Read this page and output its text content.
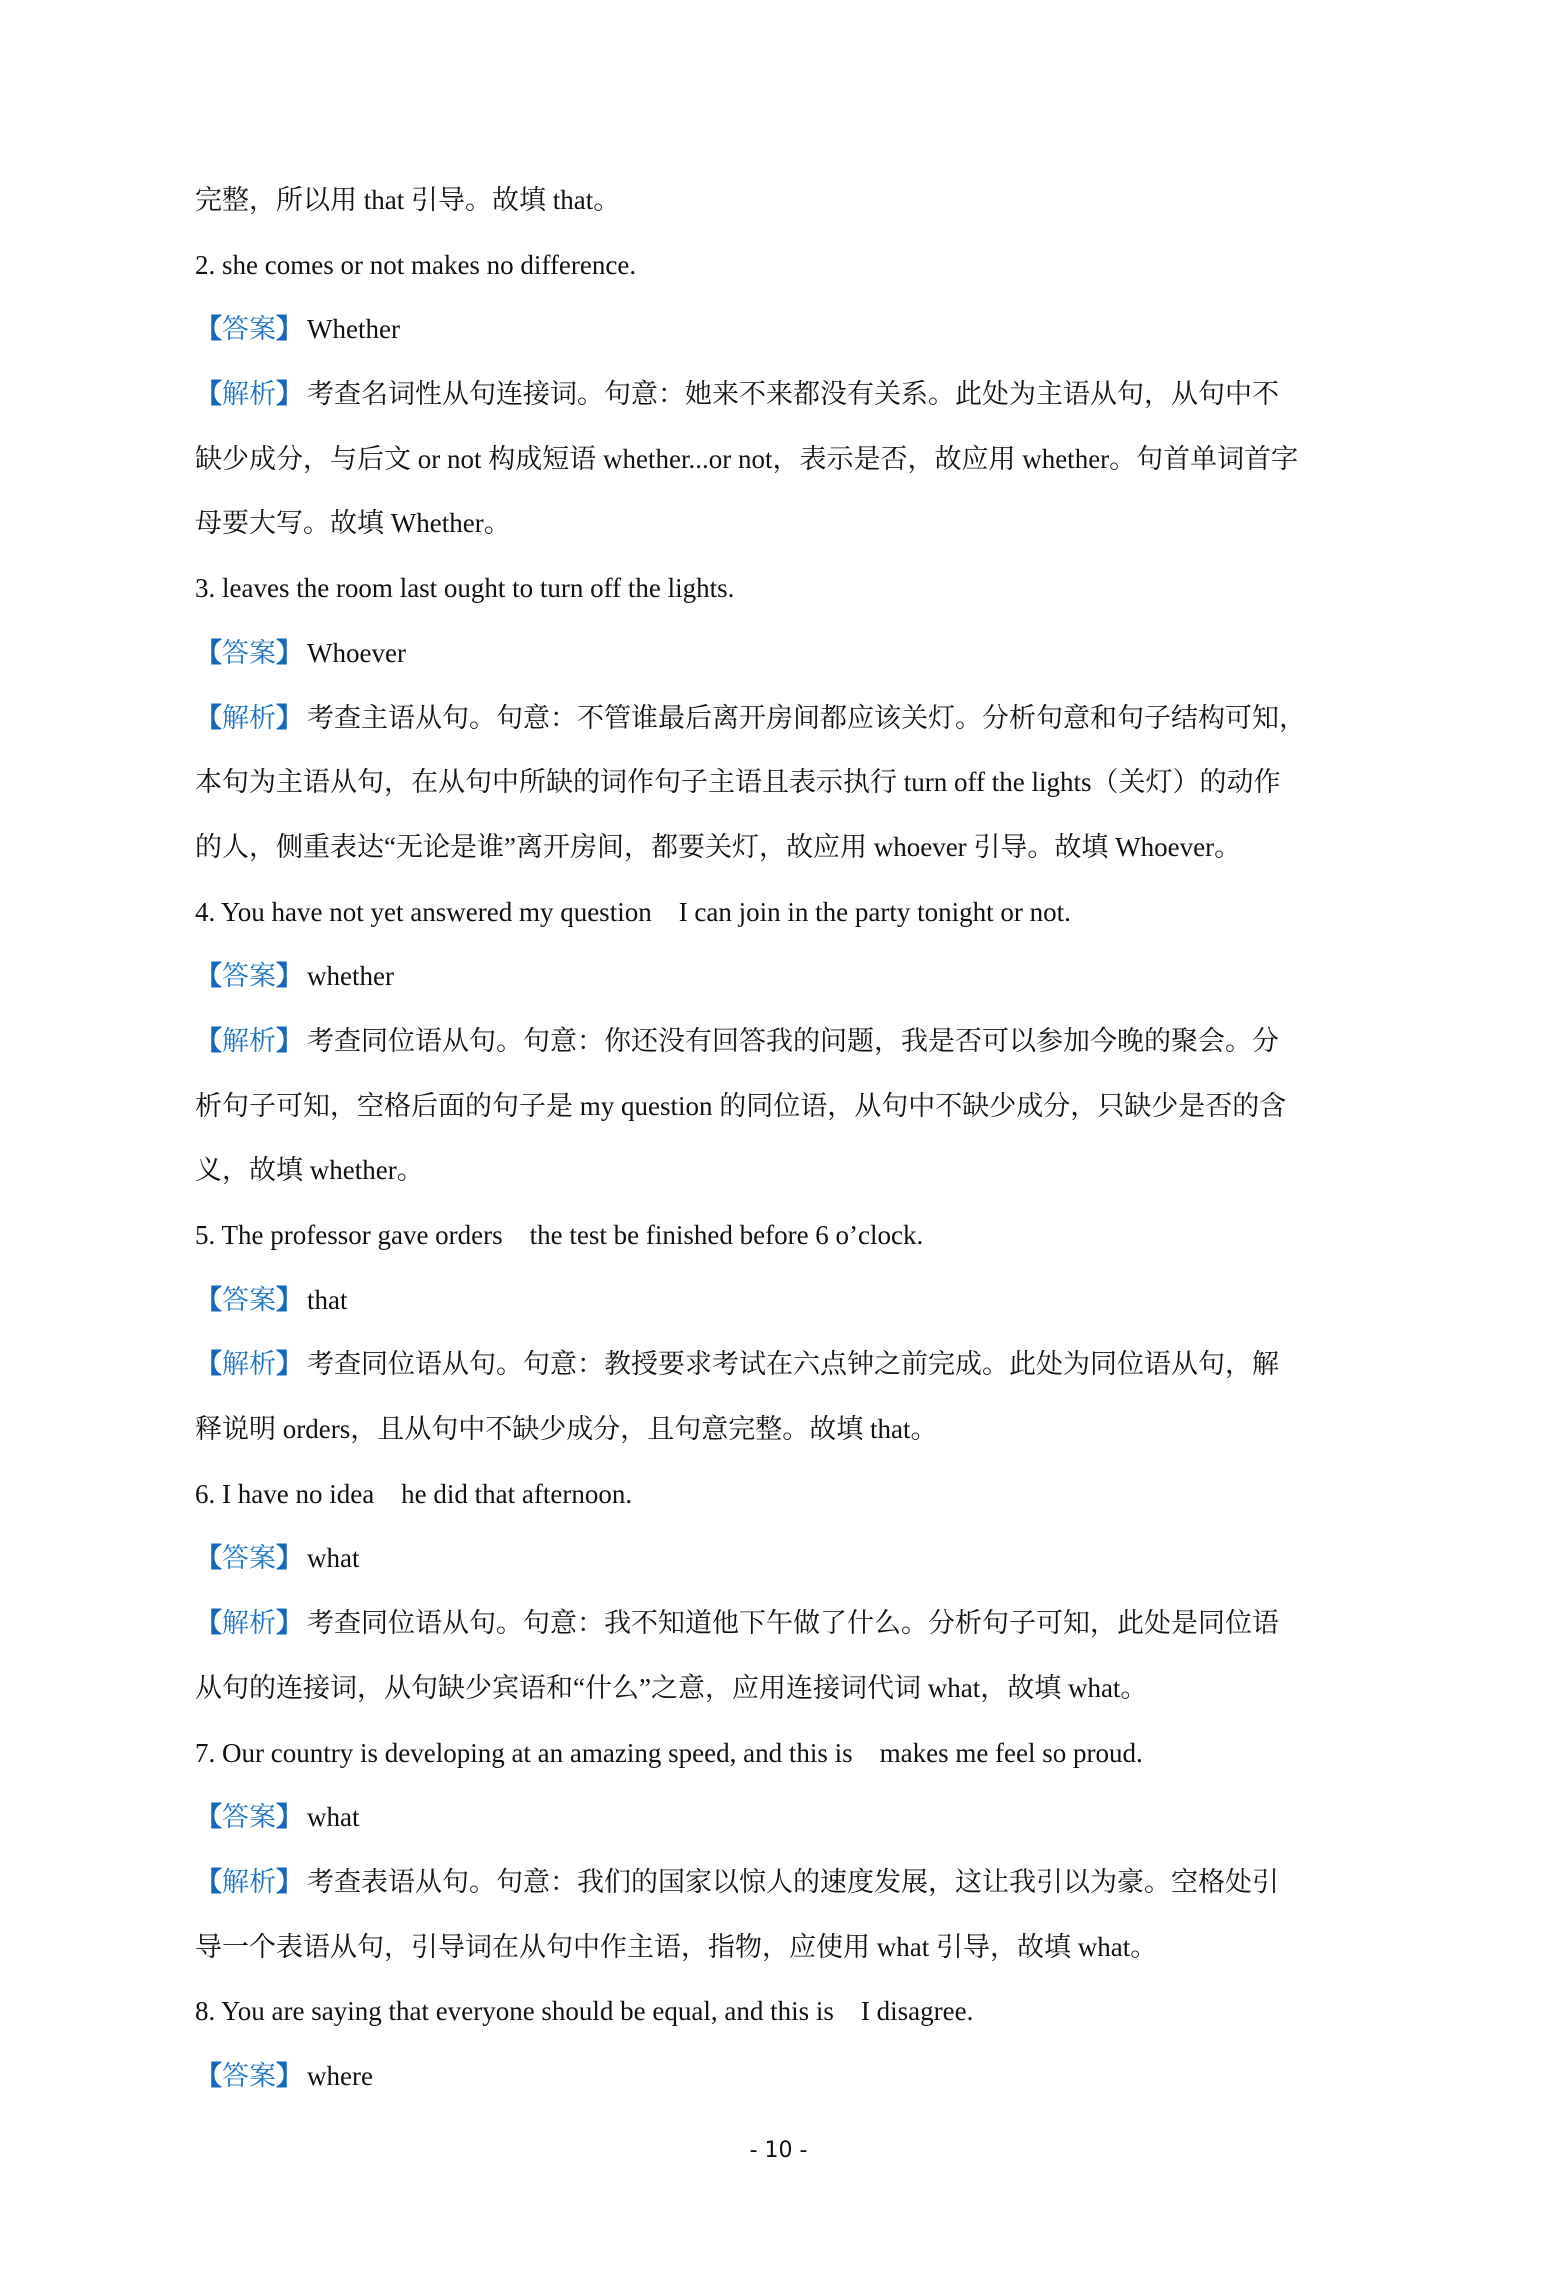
完整，所以用 that 引导。故填 that。
2. she comes or not makes no difference.
【答案】 Whether
【解析】 考查名词性从句连接词。句意：她来不来都没有关系。此处为主语从句，从句中不
缺少成分，与后文 or not 构成短语 whether...or not，表示是否，故应用 whether。句首单词首字
母要大写。故填 Whether。
3. leaves the room last ought to turn off the lights.
【答案】 Whoever
【解析】 考查主语从句。句意：不管谁最后离开房间都应该关灯。分析句意和句子结构可知，
本句为主语从句，在从句中所缺的词作句子主语且表示执行 turn off the lights（关灯）的动作
的人，侧重表达“无论是谁”离开房间，都要关灯，故应用 whoever 引导。故填 Whoever。
4. You have not yet answered my question    I can join in the party tonight or not.
【答案】 whether
【解析】 考查同位语从句。句意：你还没有回答我的问题，我是否可以参加今晚的聚会。分
析句子可知，空格后面的句子是 my question 的同位语，从句中不缺少成分，只缺少是否的含
义，故填 whether。
5. The professor gave orders    the test be finished before 6 o’clock.
【答案】 that
【解析】 考查同位语从句。句意：教授要求考试在六点钟之前完成。此处为同位语从句，解
释说明 orders，且从句中不缺少成分，且句意完整。故填 that。
6. I have no idea    he did that afternoon.
【答案】 what
【解析】 考查同位语从句。句意：我不知道他下午做了什么。分析句子可知，此处是同位语
从句的连接词，从句缺少宾语和“什么”之意，应用连接词代词 what，故填 what。
7. Our country is developing at an amazing speed, and this is    makes me feel so proud.
【答案】 what
【解析】 考查表语从句。句意：我们的国家以惊人的速度发展，这让我引以为豪。空格处引
导一个表语从句，引导词在从句中作主语，指物，应使用 what 引导，故填 what。
8. You are saying that everyone should be equal, and this is    I disagree.
【答案】 where
- 10 -
